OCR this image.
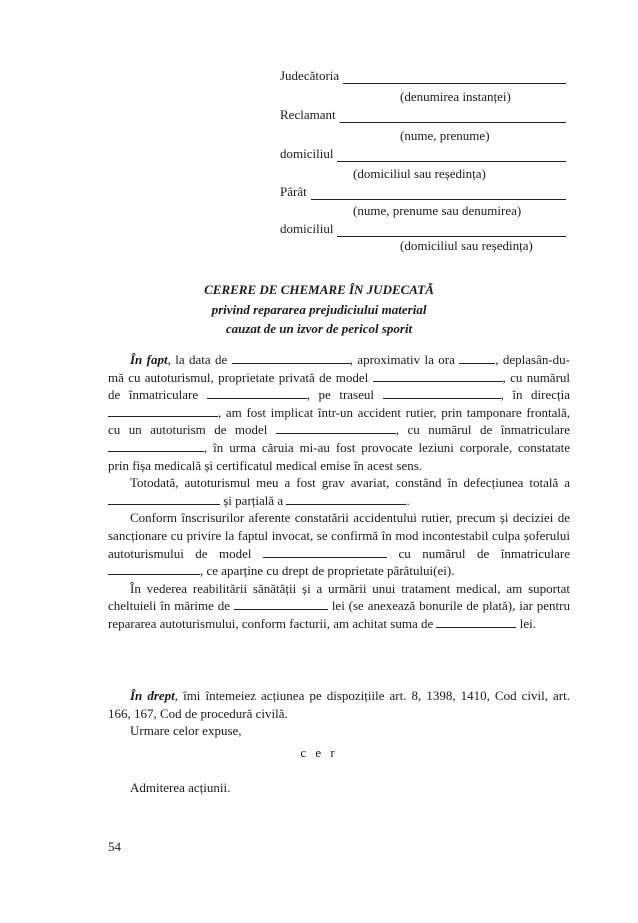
Judecătoria
(denumirea instanței)
Reclamant
(nume, prenume)
domiciliul
(domiciliul sau reședința)
Pârât
(nume, prenume sau denumirea)
domiciliul
(domiciliul sau reședința)
CERERE DE CHEMARE ÎN JUDECATĂ
privind repararea prejudiciului material
cauzat de un izvor de pericol sporit

În fapt, la data de	, aproximativ la ora	, deplasân-du-mă cu autoturismul, proprietate privată de model	, cu numărul de înmatriculare	, pe traseul	, în direcția , am fost implicat într-un accident rutier, prin tamponare frontală, cu un autoturism de model	, cu numărul de înmatriculare , în urma căruia mi-au fost provocate leziuni corporale, constatate prin fișa medicală și certificatul medical emise în acest sens.

Totodată, autoturismul meu a fost grav avariat, constând în defecțiunea totală a  și parțială a	.

Conform înscrisurilor aferente constatării accidentului rutier, precum și deciziei de sancționare cu privire la faptul invocat, se confirmă în mod incontestabil culpa șoferului autoturismului de model	cu numărul de înmatriculare , ce aparține cu drept de proprietate pârâtului(ei).

În vederea reabilitării sănătății și a urmării unui tratament medical, am suportat cheltuieli în mărime de	lei (se anexează bonurile de plată), iar pentru repararea autoturismului, conform facturii, am achitat suma de	lei.

În drept, îmi întemeiez acțiunea pe dispozițiile art. 8, 1398, 1410, Cod civil, art. 166, 167, Cod de procedură civilă.

Urmare celor expuse,

c e r
Admiterea acțiunii.
54
